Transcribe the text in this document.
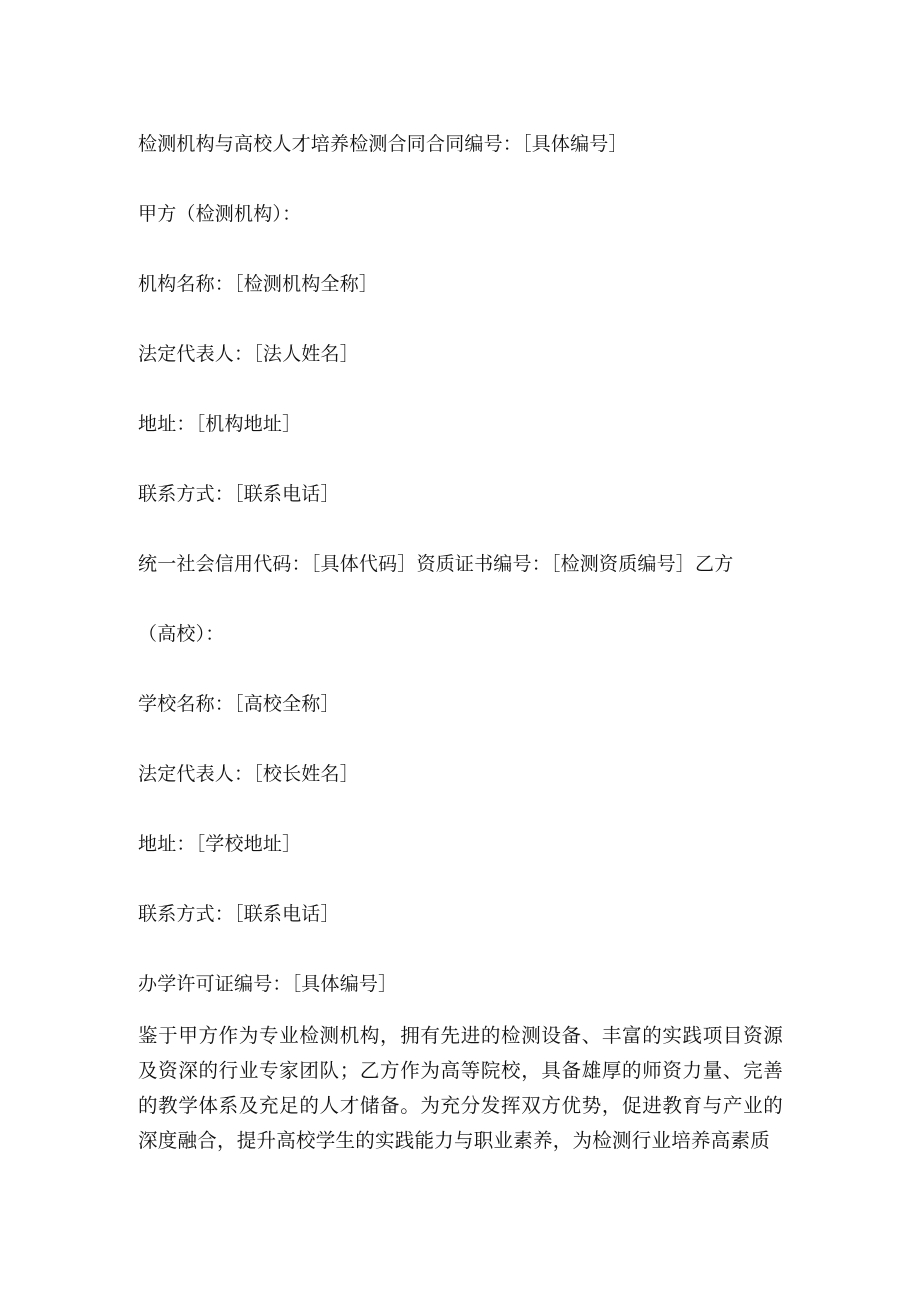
检测机构与高校人才培养检测合同合同编号：［具体编号］
甲方（检测机构）：
机构名称：［检测机构全称］
法定代表人：［法人姓名］
地址：［机构地址］
联系方式：［联系电话］
统一社会信用代码：［具体代码］资质证书编号：［检测资质编号］乙方
（高校）：
学校名称：［高校全称］
法定代表人：［校长姓名］
地址：［学校地址］
联系方式：［联系电话］
办学许可证编号：［具体编号］
鉴于甲方作为专业检测机构，拥有先进的检测设备、丰富的实践项目资源及资深的行业专家团队；乙方作为高等院校，具备雄厚的师资力量、完善的教学体系及充足的人才储备。为充分发挥双方优势，促进教育与产业的深度融合，提升高校学生的实践能力与职业素养，为检测行业培养高素质
